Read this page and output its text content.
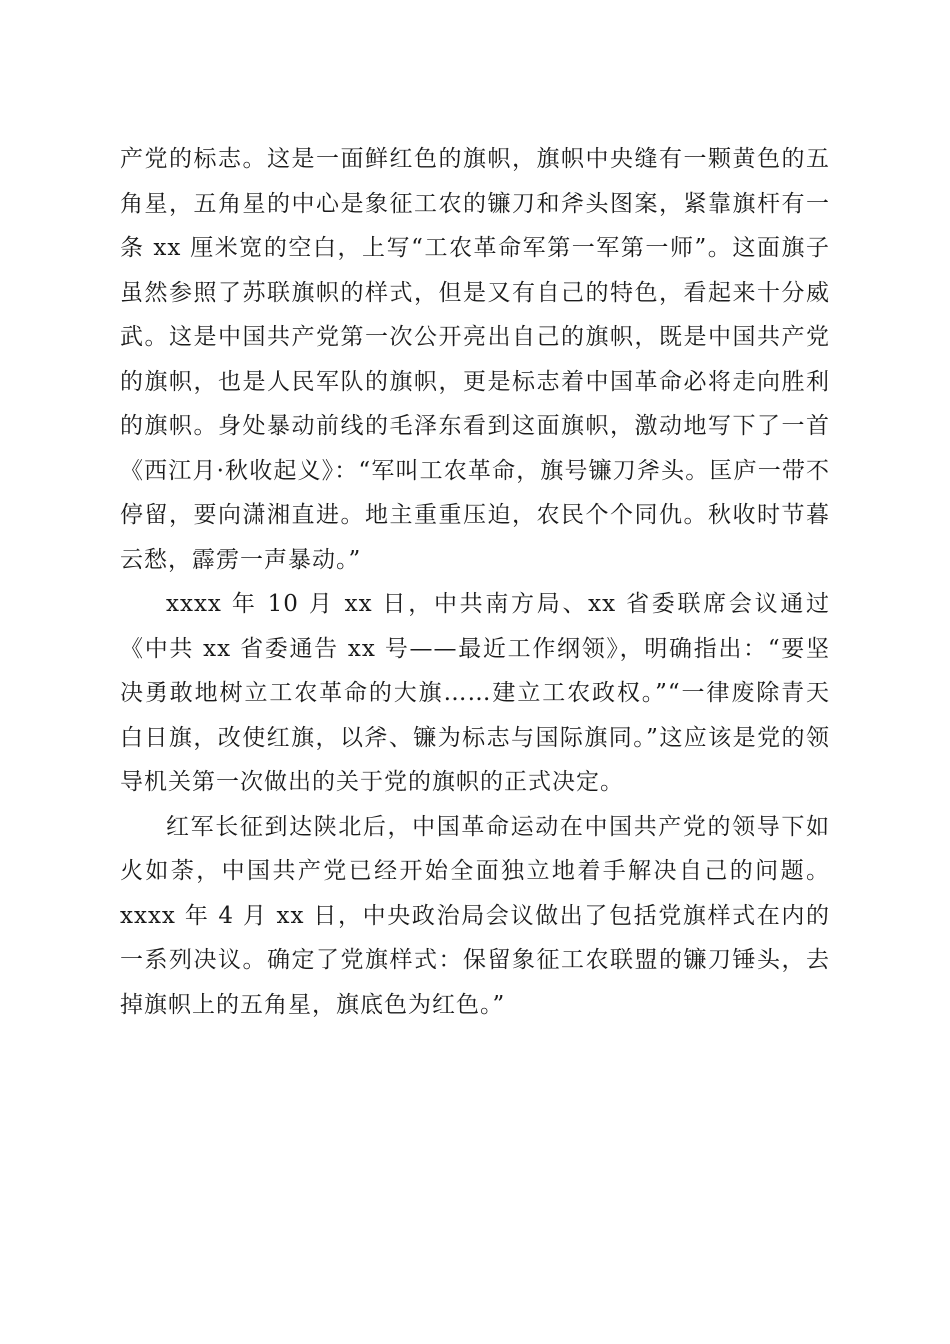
产党的标志。这是一面鲜红色的旗帜，旗帜中央缝有一颗黄色的五角星，五角星的中心是象征工农的镰刀和斧头图案，紧靠旗杆有一条 xx 厘米宽的空白，上写“工农革命军第一军第一师”。这面旗子虽然参照了苏联旗帜的样式，但是又有自己的特色，看起来十分威武。这是中国共产党第一次公开亮出自己的旗帜，既是中国共产党的旗帜，也是人民军队的旗帜，更是标志着中国革命必将走向胜利的旗帜。身处暴动前线的毛泽东看到这面旗帜，激动地写下了一首《西江月·秋收起义》：“军叫工农革命，旗号镰刀斧头。匡庐一带不停留，要向潇湘直进。地主重重压迫，农民个个同仇。秋收时节暮云愁，霹雳一声暴动。”

xxxx 年 10 月 xx 日，中共南方局、xx 省委联席会议通过《中共 xx 省委通告 xx 号——最近工作纲领》，明确指出：“要坚决勇敢地树立工农革命的大旗……建立工农政权。”“一律废除青天白日旗，改使红旗，以斧、镰为标志与国际旗同。”这应该是党的领导机关第一次做出的关于党的旗帜的正式决定。

红军长征到达陕北后，中国革命运动在中国共产党的领导下如火如荼，中国共产党已经开始全面独立地着手解决自己的问题。xxxx 年 4 月 xx 日，中央政治局会议做出了包括党旗样式在内的一系列决议。确定了党旗样式：保留象征工农联盟的镰刀锤头，去掉旗帜上的五角星，旗底色为红色。”
